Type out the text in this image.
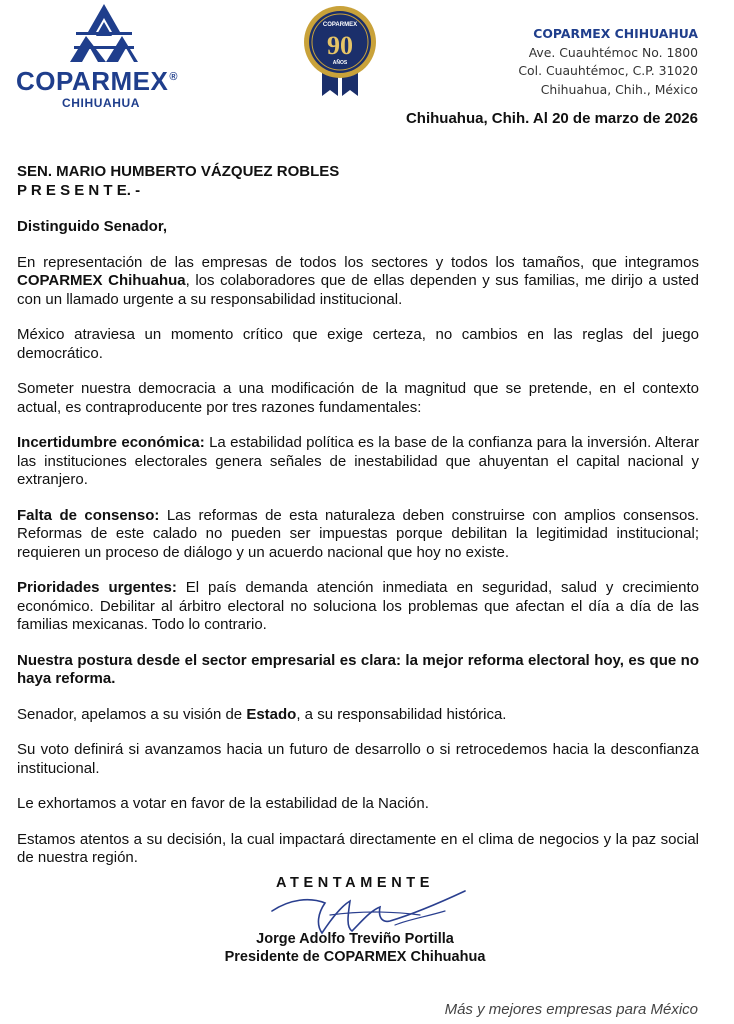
COPARMEX®
CHIHUAHUA
COPARMEX
90
AÑOS
COPARMEX CHIHUAHUA
Ave. Cuauhtémoc No. 1800
Col. Cuauhtémoc, C.P. 31020
Chihuahua, Chih., México
Chihuahua, Chih. Al 20 de marzo de 2026
SEN. MARIO HUMBERTO VÁZQUEZ ROBLES
P R E S E N T E. -

Distinguido Senador,

En representación de las empresas de todos los sectores y todos los tamaños, que integramos COPARMEX Chihuahua, los colaboradores que de ellas dependen y sus familias, me dirijo a usted con un llamado urgente a su responsabilidad institucional.

México atraviesa un momento crítico que exige certeza, no cambios en las reglas del juego democrático.

Someter nuestra democracia a una modificación de la magnitud que se pretende, en el contexto actual, es contraproducente por tres razones fundamentales:

Incertidumbre económica: La estabilidad política es la base de la confianza para la inversión. Alterar las instituciones electorales genera señales de inestabilidad que ahuyentan el capital nacional y extranjero.

Falta de consenso: Las reformas de esta naturaleza deben construirse con amplios consensos. Reformas de este calado no pueden ser impuestas porque debilitan la legitimidad institucional; requieren un proceso de diálogo y un acuerdo nacional que hoy no existe.

Prioridades urgentes: El país demanda atención inmediata en seguridad, salud y crecimiento económico. Debilitar al árbitro electoral no soluciona los problemas que afectan el día a día de las familias mexicanas. Todo lo contrario.

Nuestra postura desde el sector empresarial es clara: la mejor reforma electoral hoy, es que no haya reforma.

Senador, apelamos a su visión de Estado, a su responsabilidad histórica.

Su voto definirá si avanzamos hacia un futuro de desarrollo o si retrocedemos hacia la desconfianza institucional.

Le exhortamos a votar en favor de la estabilidad de la Nación.

Estamos atentos a su decisión, la cual impactará directamente en el clima de negocios y la paz social de nuestra región.

ATENTAMENTE
Jorge Adolfo Treviño Portilla
Presidente de COPARMEX Chihuahua
Más y mejores empresas para México
